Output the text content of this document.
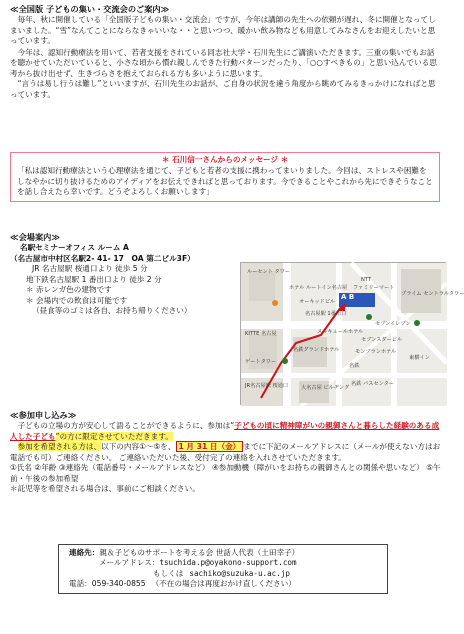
≪全国版 子どもの集い・交流会のご案内≫
毎年、秋に開催している「全国版子どもの集い・交流会」ですが、今年は講師の先生への依頼が遅れ、冬に開催となってしまいました。“雪”なんてことにならなきゃいいな・・と思いつつ、暖かい飲み物なども用意してみなさんをお迎えしたいと思っています。
今年は、認知行動療法を用いて、若者支援をされている同志社大学・石川先生にご講演いただきます。三重の集いでもお話を聴かせていただいていると、小さな頃から慣れ親しんできた行動パターンだったり、「○○すべきもの」と思い込んでいる思考から抜け出せず、生きづらさを抱えておられる方も多いように思います。
“言うは易し行うは難し”といいますが、石川先生のお話が、ご自身の状況を違う角度から眺めてみるきっかけになればと思っています。
＊ 石川信一さんからのメッセージ ＊
「私は認知行動療法という心理療法を通じて、子どもと若者の支援に携わってまいりました。今回は、ストレスや困難をしなやかに切り抜けるためのアイディアをお伝えできればと思っております。今できることやこれから先にできそうなことを話し合えたら幸いです。どうぞよろしくお願いします」
≪会場案内≫
名駅セミナーオフィス ルーム A
（名古屋市中村区名駅2- 41- 17　OA 第二ビル3F）
JR 名古屋駅 桜通口より 徒歩 5 分
地下鉄名古屋駅 1 番出口より 徒歩 2 分
＊ 赤レンガ色の建物です
＊ 会場内での飲食は可能です
（昼食等のゴミは各自、お持ち帰りください）
A B
ルーセント タワー
NTT
ホテル ルートイン名古屋 ファミリーマート
オーキッドビル
プライム セントラルタワー
KITTE 名古屋
セブンイレブン
メルキュールホテル
セブンスダービル
名鉄グランドホテル	モンブランホテル
東横イン
ゲートタワー
JR名古屋駅 桜通口 大名古屋 ビルヂング
名鉄
名古屋駅 1番出口
名鉄 バスセンター
≪参加申し込み≫
子どもの立場の方が安心して語ることができるように、参加は“子どもの頃に精神障がいの親御さんと暮らした経験のある成人した子ども”の方に限定させていただきます。
参加を希望される方は、以下の内容①～⑤を、 1 月 31 日（金） までに下記のメールアドレスに（メールが使えない方はお電話でも可）ご連絡ください。 ご連絡いただいた後、受付完了の連絡を入れさせていただきます。
①氏名 ②年齢 ③連絡先（電話番号・メールアドレスなど） ④参加動機（障がいをお持ちの親御さんとの関係や思いなど） ⑤午前・午後の参加希望
＊託児等を希望される場合は、事前にご相談ください。
連絡先： 親＆子どものサポートを考える会 世話人代表（土田幸子）
メールアドレス： tsuchida.p@oyakono-support.com
もしくは sachiko@suzuka-u.ac.jp
電話： 059-340-0855 （不在の場合は再度おかけ直しください）
